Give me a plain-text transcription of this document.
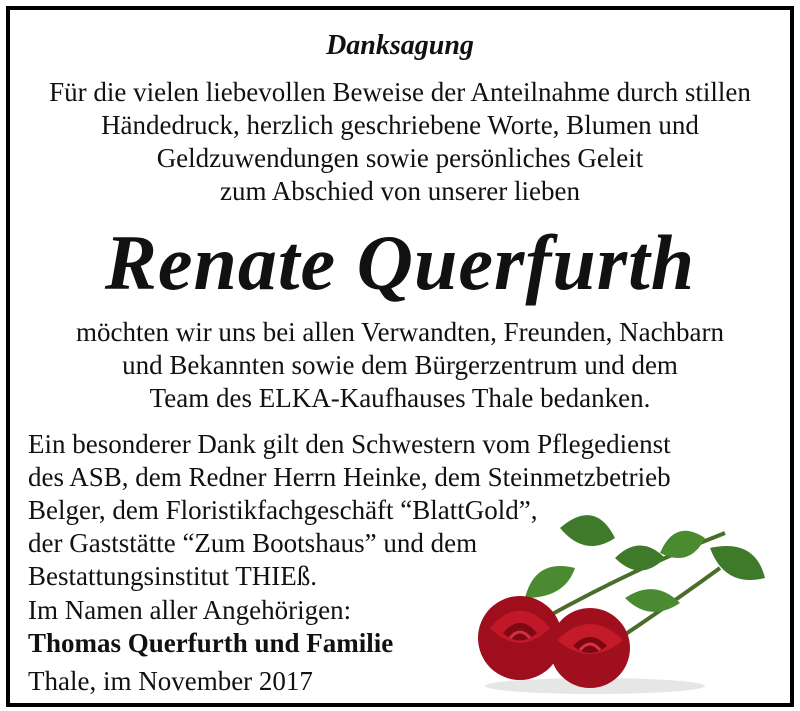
Danksagung
Für die vielen liebevollen Beweise der Anteilnahme durch stillen
Händedruck, herzlich geschriebene Worte, Blumen und
Geldzuwendungen sowie persönliches Geleit
zum Abschied von unserer lieben
Renate Querfurth
möchten wir uns bei allen Verwandten, Freunden, Nachbarn
und Bekannten sowie dem Bürgerzentrum und dem
Team des ELKA-Kaufhauses Thale bedanken.
Ein besonderer Dank gilt den Schwestern vom Pflegedienst
des ASB, dem Redner Herrn Heinke, dem Steinmetzbetrieb
Belger, dem Floristikfachgeschäft “BlattGold”,
der Gaststätte “Zum Bootshaus” und dem
Bestattungsinstitut THIEß.
Im Namen aller Angehörigen:
Thomas Querfurth und Familie
Thale, im November 2017
